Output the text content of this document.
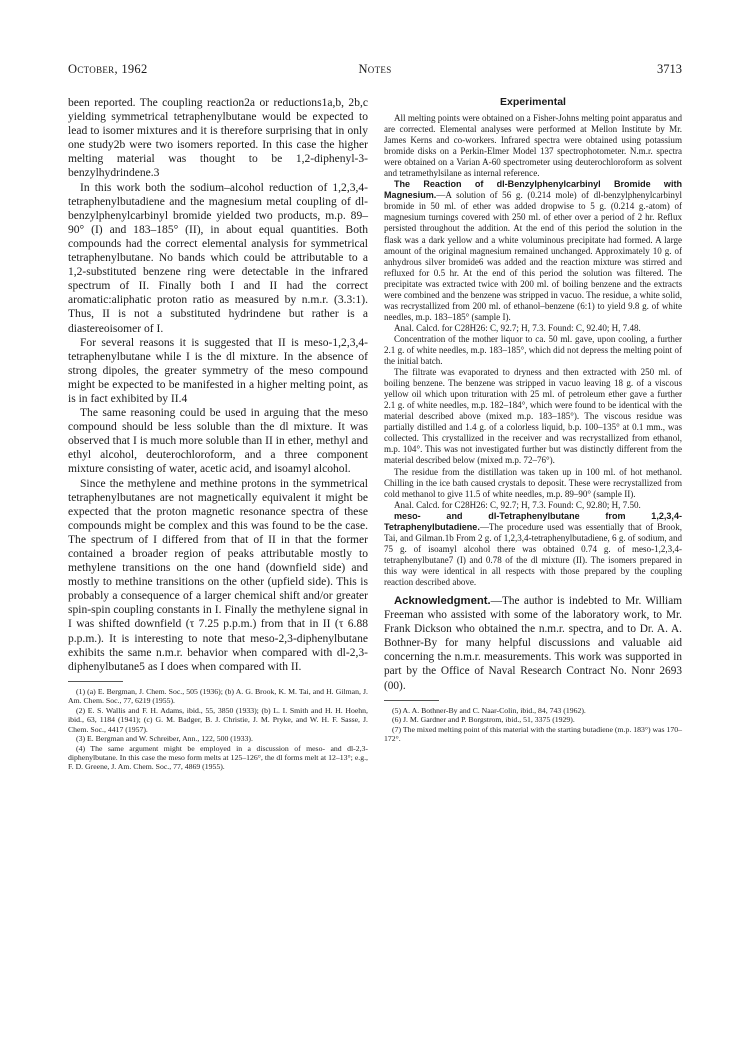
October, 1962	Notes	3713

been reported. The coupling reaction2a or reductions1a,b, 2b,c yielding symmetrical tetraphenylbutane would be expected to lead to isomer mixtures and it is therefore surprising that in only one study2b were two isomers reported. In this case the higher melting material was thought to be 1,2-diphenyl-3-benzylhydrindene.3

In this work both the sodium–alcohol reduction of 1,2,3,4-tetraphenylbutadiene and the magnesium metal coupling of dl-benzylphenylcarbinyl bromide yielded two products, m.p. 89–90° (I) and 183–185° (II), in about equal quantities. Both compounds had the correct elemental analysis for symmetrical tetraphenylbutane. No bands which could be attributable to a 1,2-substituted benzene ring were detectable in the infrared spectrum of II. Finally both I and II had the correct aromatic:aliphatic proton ratio as measured by n.m.r. (3.3:1). Thus, II is not a substituted hydrindene but rather is a diastereoisomer of I.

For several reasons it is suggested that II is meso-1,2,3,4-tetraphenylbutane while I is the dl mixture. In the absence of strong dipoles, the greater symmetry of the meso compound might be expected to be manifested in a higher melting point, as is in fact exhibited by II.4

The same reasoning could be used in arguing that the meso compound should be less soluble than the dl mixture. It was observed that I is much more soluble than II in ether, methyl and ethyl alcohol, deuterochloroform, and a three component mixture consisting of water, acetic acid, and isoamyl alcohol.

Since the methylene and methine protons in the symmetrical tetraphenylbutanes are not magnetically equivalent it might be expected that the proton magnetic resonance spectra of these compounds might be complex and this was found to be the case. The spectrum of I differed from that of II in that the former contained a broader region of peaks attributable mostly to methylene transitions on the one hand (downfield side) and mostly to methine transitions on the other (upfield side). This is probably a consequence of a larger chemical shift and/or greater spin-spin coupling constants in I. Finally the methylene signal in I was shifted downfield (τ 7.25 p.p.m.) from that in II (τ 6.88 p.p.m.). It is interesting to note that meso-2,3-diphenylbutane exhibits the same n.m.r. behavior when compared with dl-2,3-diphenylbutane5 as I does when compared with II.

(1) (a) E. Bergman, J. Chem. Soc., 505 (1936); (b) A. G. Brook, K. M. Tai, and H. Gilman, J. Am. Chem. Soc., 77, 6219 (1955).

(2) E. S. Wallis and F. H. Adams, ibid., 55, 3850 (1933); (b) L. I. Smith and H. H. Hoehn, ibid., 63, 1184 (1941); (c) G. M. Badger, B. J. Christie, J. M. Pryke, and W. H. F. Sasse, J. Chem. Soc., 4417 (1957).

(3) E. Bergman and W. Schreiber, Ann., 122, 500 (1933).

(4) The same argument might be employed in a discussion of meso- and dl-2,3-diphenylbutane. In this case the meso form melts at 125–126°, the dl forms melt at 12–13°; e.g., F. D. Greene, J. Am. Chem. Soc., 77, 4869 (1955).

Experimental

All melting points were obtained on a Fisher-Johns melting point apparatus and are corrected. Elemental analyses were performed at Mellon Institute by Mr. James Kerns and co-workers. Infrared spectra were obtained using potassium bromide disks on a Perkin-Elmer Model 137 spectrophotometer. N.m.r. spectra were obtained on a Varian A-60 spectrometer using deuterochloroform as solvent and tetramethylsilane as internal reference.

The Reaction of dl-Benzylphenylcarbinyl Bromide with Magnesium.—A solution of 56 g. (0.214 mole) of dl-benzylphenylcarbinyl bromide in 50 ml. of ether was added dropwise to 5 g. (0.214 g.-atom) of magnesium turnings covered with 250 ml. of ether over a period of 2 hr. Reflux persisted throughout the addition. At the end of this period the solution in the flask was a dark yellow and a white voluminous precipitate had formed. A large amount of the original magnesium remained unchanged. Approximately 10 g. of anhydrous silver bromide6 was added and the reaction mixture was stirred and refluxed for 0.5 hr. At the end of this period the solution was filtered. The precipitate was extracted twice with 200 ml. of boiling benzene and the extracts were combined and the benzene was stripped in vacuo. The residue, a white solid, was recrystallized from 200 ml. of ethanol–benzene (6:1) to yield 9.8 g. of white needles, m.p. 183–185° (sample I).

Anal. Calcd. for C28H26: C, 92.7; H, 7.3. Found: C, 92.40; H, 7.48.

Concentration of the mother liquor to ca. 50 ml. gave, upon cooling, a further 2.1 g. of white needles, m.p. 183–185°, which did not depress the melting point of the initial batch.

The filtrate was evaporated to dryness and then extracted with 250 ml. of boiling benzene. The benzene was stripped in vacuo leaving 18 g. of a viscous yellow oil which upon trituration with 25 ml. of petroleum ether gave a further 2.1 g. of white needles, m.p. 182–184°, which were found to be identical with the material described above (mixed m.p. 183–185°). The viscous residue was partially distilled and 1.4 g. of a colorless liquid, b.p. 100–135° at 0.1 mm., was collected. This crystallized in the receiver and was recrystallized from ethanol, m.p. 104°. This was not investigated further but was distinctly different from the material described below (mixed m.p. 72–76°).

The residue from the distillation was taken up in 100 ml. of hot methanol. Chilling in the ice bath caused crystals to deposit. These were recrystallized from cold methanol to give 11.5 of white needles, m.p. 89–90° (sample II).

Anal. Calcd. for C28H26: C, 92.7; H, 7.3. Found: C, 92.80; H, 7.50.

meso- and dl-Tetraphenylbutane from 1,2,3,4-Tetraphenylbutadiene.—The procedure used was essentially that of Brook, Tai, and Gilman.1b From 2 g. of 1,2,3,4-tetraphenylbutadiene, 6 g. of sodium, and 75 g. of isoamyl alcohol there was obtained 0.74 g. of meso-1,2,3,4-tetraphenylbutane7 (I) and 0.78 of the dl mixture (II). The isomers prepared in this way were identical in all respects with those prepared by the coupling reaction described above.

Acknowledgment.—The author is indebted to Mr. William Freeman who assisted with some of the laboratory work, to Mr. Frank Dickson who obtained the n.m.r. spectra, and to Dr. A. A. Bothner-By for many helpful discussions and valuable aid concerning the n.m.r. measurements. This work was supported in part by the Office of Naval Research Contract No. Nonr 2693 (00).

(5) A. A. Bothner-By and C. Naar-Colin, ibid., 84, 743 (1962).

(6) J. M. Gardner and P. Borgstrom, ibid., 51, 3375 (1929).

(7) The mixed melting point of this material with the starting butadiene (m.p. 183°) was 170–172°.
